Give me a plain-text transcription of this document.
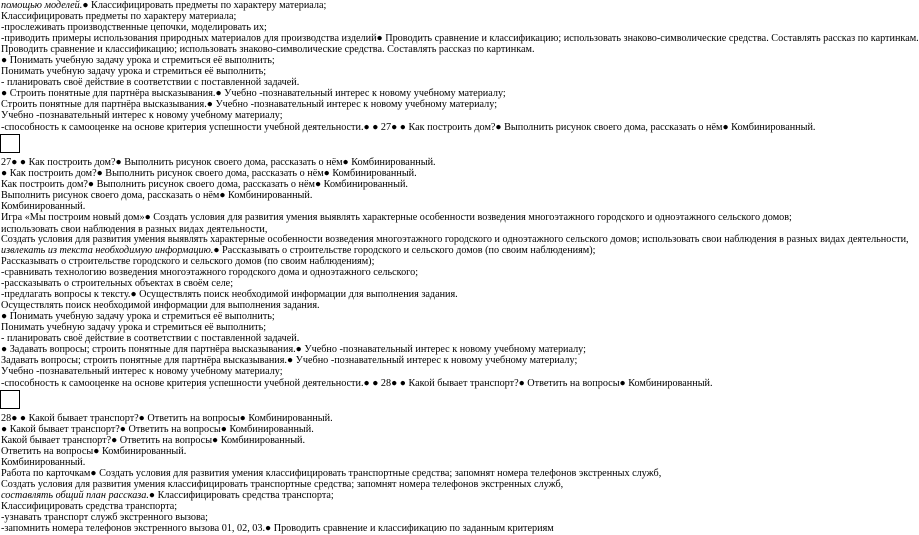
помощью моделей.● Классифицировать предметы по характеру материала;
Классифицировать предметы по характеру материала;
-прослеживать производственные цепочки, моделировать их;
-приводить примеры использования природных материалов для производства изделий● Проводить сравнение и классификацию; использовать знаково-символические средства. Составлять рассказ по картинкам.
Проводить сравнение и классификацию; использовать знаково-символические средства. Составлять рассказ по картинкам.
● Понимать учебную задачу урока и стремиться её выполнить;
Понимать учебную задачу урока и стремиться её выполнить;
- планировать своё действие в соответствии с поставленной задачей.
● Строить понятные для партнёра высказывания.● Учебно -познавательный интерес к новому учебному материалу;
Строить понятные для партнёра высказывания.● Учебно -познавательный интерес к новому учебному материалу;
Учебно -познавательный интерес к новому учебному материалу;
-способность к самооценке на основе критерия успешности учебной деятельности.● ● 27● ● Как построить дом?● Выполнить рисунок своего дома, рассказать о нём● Комбинированный.
27● ● Как построить дом?● Выполнить рисунок своего дома, рассказать о нём● Комбинированный.
● Как построить дом?● Выполнить рисунок своего дома, рассказать о нём● Комбинированный.
Как построить дом?● Выполнить рисунок своего дома, рассказать о нём● Комбинированный.
Выполнить рисунок своего дома, рассказать о нём● Комбинированный.
Комбинированный.
Игра «Мы построим новый дом»● Создать условия для развития умения выявлять характерные особенности возведения многоэтажного городского и одноэтажного сельского домов; использовать свои наблюдения в разных видах деятельности,
Создать условия для развития умения выявлять характерные особенности возведения многоэтажного городского и одноэтажного сельского домов; использовать свои наблюдения в разных видах деятельности,
извлекать из текста необходимую информацию.● Рассказывать о строительстве городского и сельского домов (по своим наблюдениям);
Рассказывать о строительстве городского и сельского домов (по своим наблюдениям);
-сравнивать технологию возведения многоэтажного городского дома и одноэтажного сельского;
-рассказывать о строительных объектах в своём селе;
-предлагать вопросы к тексту.● Осуществлять поиск необходимой информации для выполнения задания.
Осуществлять поиск необходимой информации для выполнения задания.
● Понимать учебную задачу урока и стремиться её выполнить;
Понимать учебную задачу урока и стремиться её выполнить;
- планировать своё действие в соответствии с поставленной задачей.
● Задавать вопросы; строить понятные для партнёра высказывания.● Учебно -познавательный интерес к новому учебному материалу;
Задавать вопросы; строить понятные для партнёра высказывания.● Учебно -познавательный интерес к новому учебному материалу;
Учебно -познавательный интерес к новому учебному материалу;
-способность к самооценке на основе критерия успешности учебной деятельности.● ● 28● ● Какой бывает транспорт?● Ответить на вопросы● Комбинированный.
28● ● Какой бывает транспорт?● Ответить на вопросы● Комбинированный.
● Какой бывает транспорт?● Ответить на вопросы● Комбинированный.
Какой бывает транспорт?● Ответить на вопросы● Комбинированный.
Ответить на вопросы● Комбинированный.
Комбинированный.
Работа по карточкам● Создать условия для развития умения классифицировать транспортные средства; запомнят номера телефонов экстренных служб,
Создать условия для развития умения классифицировать транспортные средства; запомнят номера телефонов экстренных служб,
составлять общий план рассказа.● Классифицировать средства транспорта;
Классифицировать средства транспорта;
-узнавать транспорт служб экстренного вызова;
-запомнить номера телефонов экстренного вызова 01, 02, 03.● Проводить сравнение и классификацию по заданным критериям
